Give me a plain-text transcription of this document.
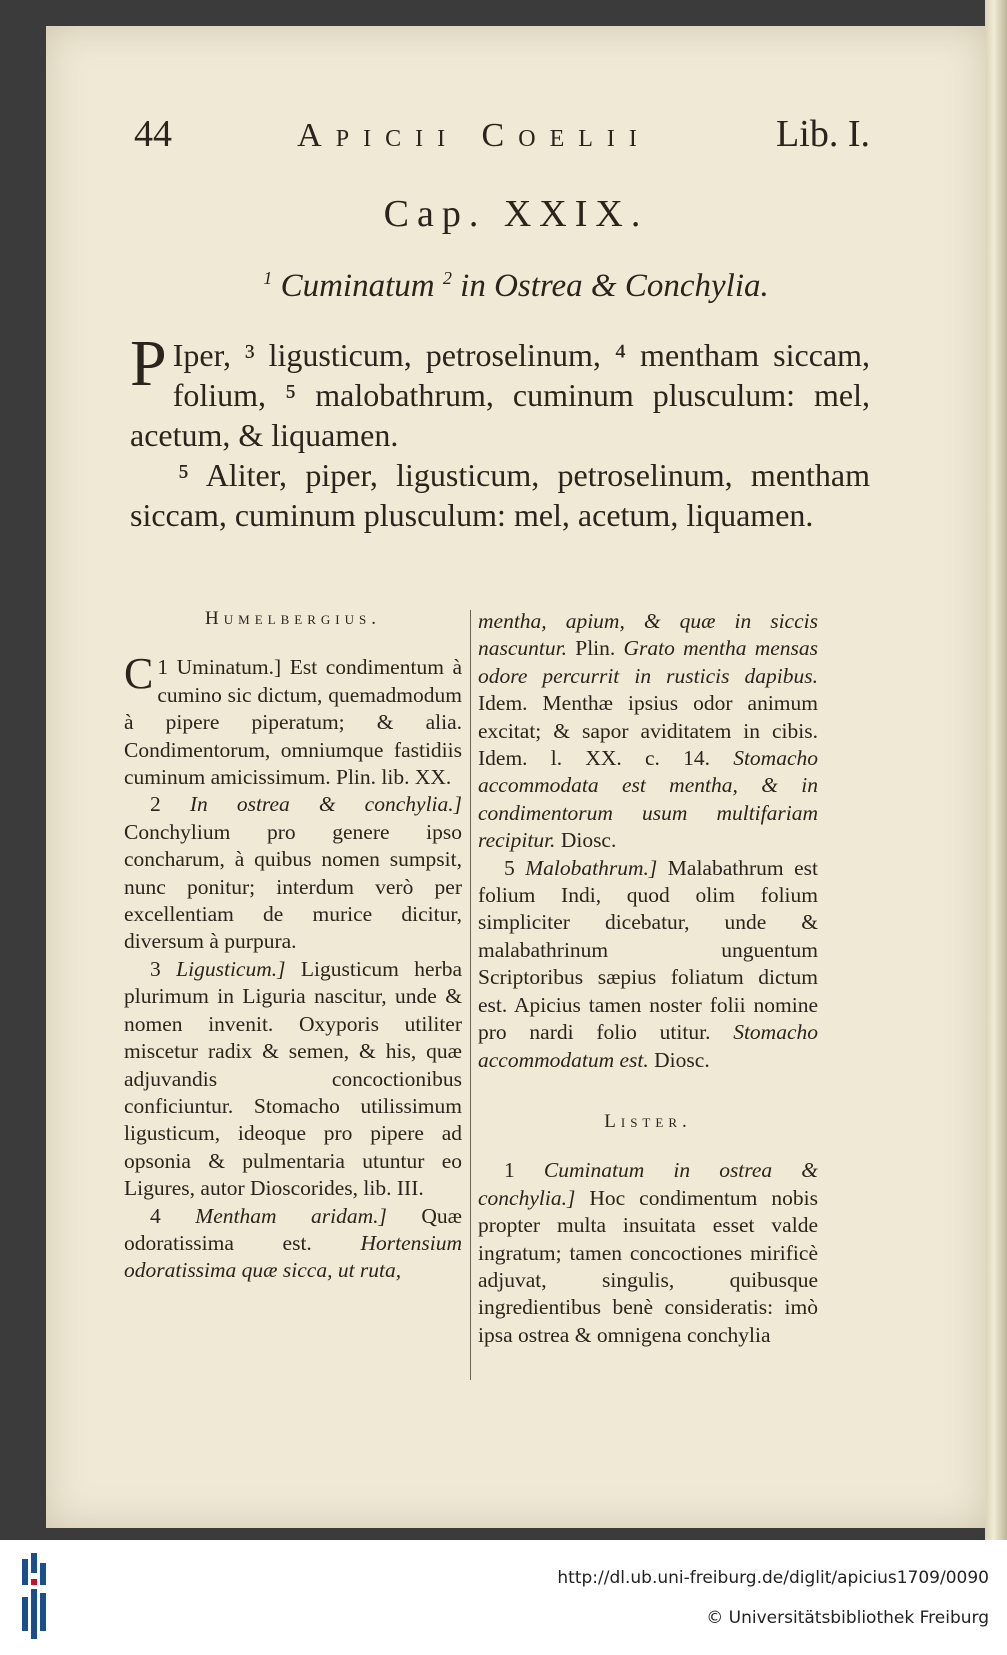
44	Apicii Coelii	Lib. I.
Cap. XXIX.
$^1$ Cuminatum $^2$ in Ostrea & Conchylia.

P Iper, ³ ligusticum, petroselinum, ⁴ mentham siccam, folium, ⁵ malobathrum, cuminum plusculum: mel, acetum, & liquamen.

⁵ Aliter, piper, ligusticum, petroselinum, mentham siccam, cuminum plusculum: mel, acetum, liquamen.

Humelbergius.

1
C Uminatum.] Est condimentum à cumino sic dictum, quemadmodum à pipere piperatum; & alia. Condimentorum, omniumque fastidiis cuminum amicissimum. Plin. lib. XX.

2 In ostrea & conchylia.] Conchylium pro genere ipso concharum, à quibus nomen sumpsit, nunc ponitur; interdum verò per excellentiam de murice dicitur, diversum à purpura.

3 Ligusticum.] Ligusticum herba plurimum in Liguria nascitur, unde & nomen invenit. Oxyporis utiliter miscetur radix & semen, & his, quæ adjuvandis concoctionibus conficiuntur. Stomacho utilissimum ligusticum, ideoque pro pipere ad opsonia & pulmentaria utuntur eo Ligures, autor Dioscorides, lib. III.

4 Mentham aridam.] Quæ odoratissima est. Hortensium odoratissima quæ sicca, ut ruta,

mentha, apium, & quæ in siccis nascuntur. Plin. Grato mentha mensas odore percurrit in rusticis dapibus. Idem. Menthæ ipsius odor animum excitat; & sapor aviditatem in cibis. Idem. l. XX. c. 14. Stomacho accommodata est mentha, & in condimentorum usum multifariam recipitur. Diosc.

5 Malobathrum.] Malabathrum est folium Indi, quod olim folium simpliciter dicebatur, unde & malabathrinum unguentum Scriptoribus sæpius foliatum dictum est. Apicius tamen noster folii nomine pro nardi folio utitur. Stomacho accommodatum est. Diosc.

Lister.

1 Cuminatum in ostrea & conchylia.] Hoc condimentum nobis propter multa insuitata esset valde ingratum; tamen concoctiones mirificè adjuvat, singulis, quibusque ingredientibus benè consideratis: imò ipsa ostrea & omnigena conchylia

http://dl.ub.uni-freiburg.de/diglit/apicius1709/0090
© Universitätsbibliothek Freiburg
